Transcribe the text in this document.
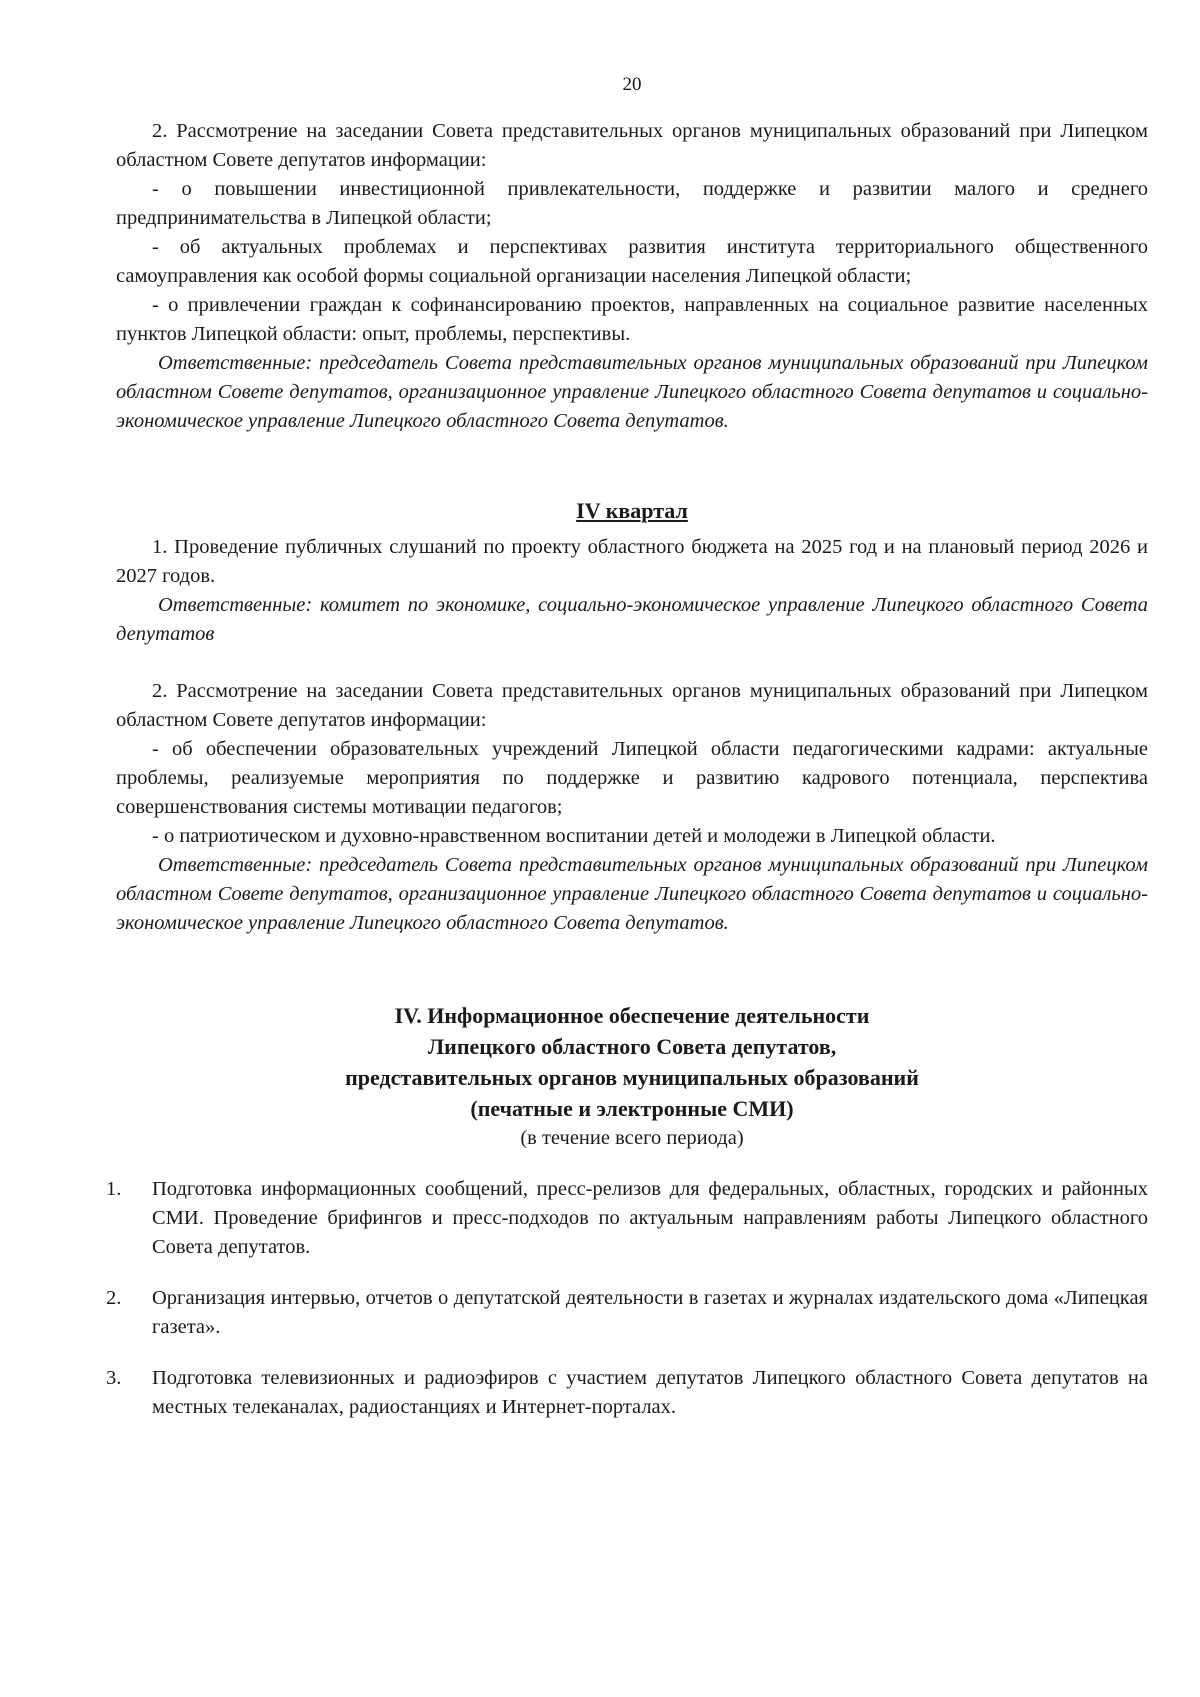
20

2. Рассмотрение на заседании Совета представительных органов муниципальных образований при Липецком областном Совете депутатов информации:

- о повышении инвестиционной привлекательности, поддержке и развитии малого и среднего предпринимательства в Липецкой области;

- об актуальных проблемах и перспективах развития института территориального общественного самоуправления как особой формы социальной организации населения Липецкой области;

- о привлечении граждан к софинансированию проектов, направленных на социальное развитие населенных пунктов Липецкой области: опыт, проблемы, перспективы.

Ответственные: председатель Совета представительных органов муниципальных образований при Липецком областном Совете депутатов, организационное управление Липецкого областного Совета депутатов и социально-экономическое управление Липецкого областного Совета депутатов.

IV квартал

1. Проведение публичных слушаний по проекту областного бюджета на 2025 год и на плановый период 2026 и 2027 годов.

Ответственные: комитет по экономике, социально-экономическое управление Липецкого областного Совета депутатов

2. Рассмотрение на заседании Совета представительных органов муниципальных образований при Липецком областном Совете депутатов информации:

- об обеспечении образовательных учреждений Липецкой области педагогическими кадрами: актуальные проблемы, реализуемые мероприятия по поддержке и развитию кадрового потенциала, перспектива совершенствования системы мотивации педагогов;

- о патриотическом и духовно-нравственном воспитании детей и молодежи в Липецкой области.

Ответственные: председатель Совета представительных органов муниципальных образований при Липецком областном Совете депутатов, организационное управление Липецкого областного Совета депутатов и социально-экономическое управление Липецкого областного Совета депутатов.

IV. Информационное обеспечение деятельности
Липецкого областного Совета депутатов,
представительных органов муниципальных образований
(печатные и электронные СМИ)
(в течение всего периода)
1.	Подготовка информационных сообщений, пресс-релизов для федеральных, областных, городских и районных СМИ. Проведение брифингов и пресс-подходов по актуальным направлениям работы Липецкого областного Совета депутатов.
2.	Организация интервью, отчетов о депутатской деятельности в газетах и журналах издательского дома «Липецкая газета».
3.	Подготовка телевизионных и радиоэфиров с участием депутатов Липецкого областного Совета депутатов на местных телеканалах, радиостанциях и Интернет-порталах.
